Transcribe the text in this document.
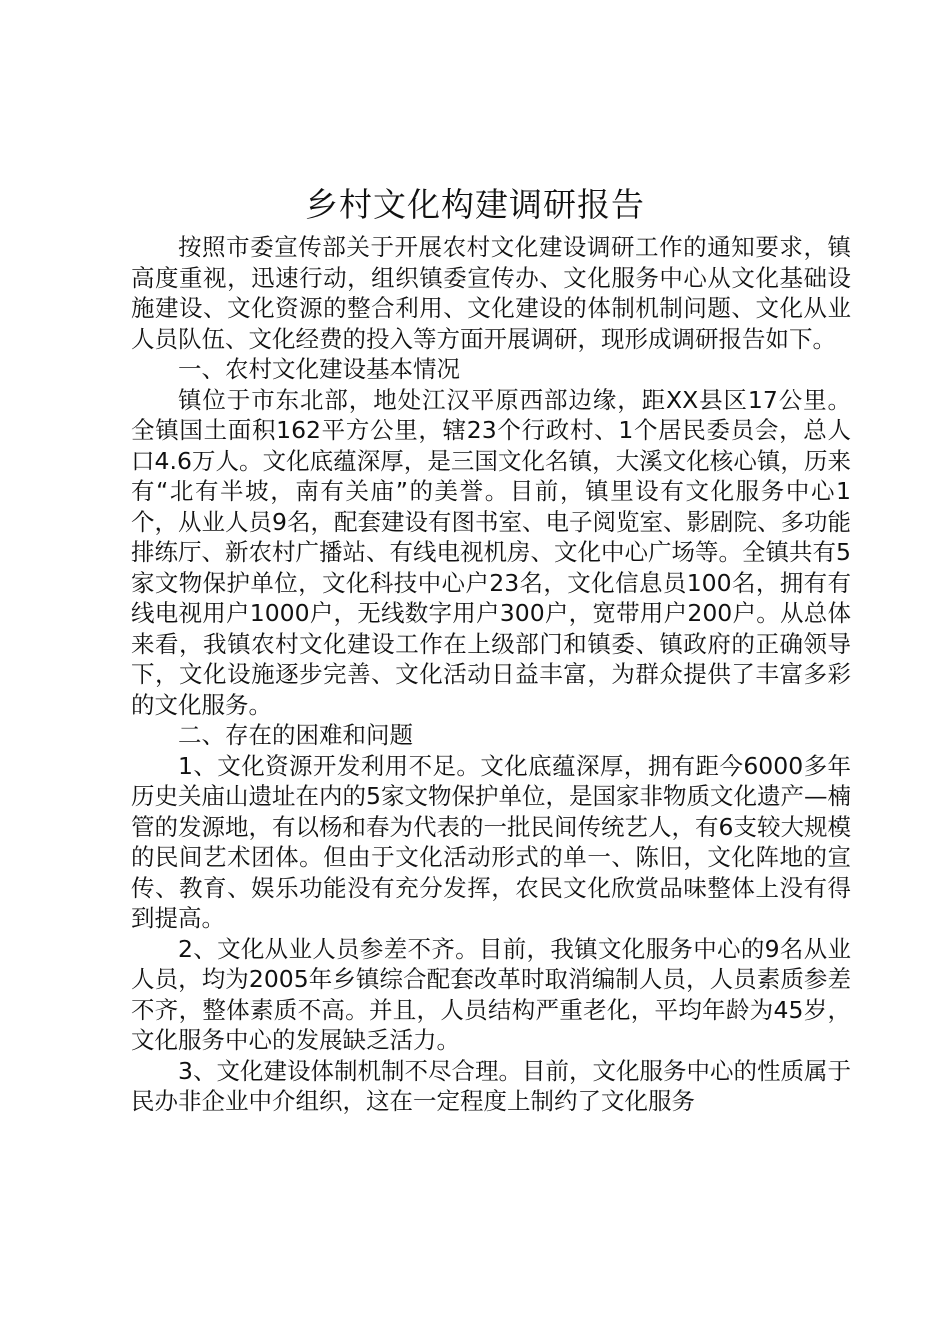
乡村文化构建调研报告

按照市委宣传部关于开展农村文化建设调研工作的通知要求，镇高度重视，迅速行动，组织镇委宣传办、文化服务中心从文化基础设施建设、文化资源的整合利用、文化建设的体制机制问题、文化从业人员队伍、文化经费的投入等方面开展调研，现形成调研报告如下。

一、农村文化建设基本情况

镇位于市东北部，地处江汉平原西部边缘，距XX县区17公里。全镇国土面积162平方公里，辖23个行政村、1个居民委员会，总人口4.6万人。文化底蕴深厚，是三国文化名镇，大溪文化核心镇，历来有“北有半坡，南有关庙”的美誉。目前，镇里设有文化服务中心1个，从业人员9名，配套建设有图书室、电子阅览室、影剧院、多功能排练厅、新农村广播站、有线电视机房、文化中心广场等。全镇共有5家文物保护单位，文化科技中心户23名，文化信息员100名，拥有有线电视用户1000户，无线数字用户300户，宽带用户200户。从总体来看，我镇农村文化建设工作在上级部门和镇委、镇政府的正确领导下，文化设施逐步完善、文化活动日益丰富，为群众提供了丰富多彩的文化服务。

二、存在的困难和问题

1、文化资源开发利用不足。文化底蕴深厚，拥有距今6000多年历史关庙山遗址在内的5家文物保护单位，是国家非物质文化遗产—楠管的发源地，有以杨和春为代表的一批民间传统艺人，有6支较大规模的民间艺术团体。但由于文化活动形式的单一、陈旧，文化阵地的宣传、教育、娱乐功能没有充分发挥，农民文化欣赏品味整体上没有得到提高。

2、文化从业人员参差不齐。目前，我镇文化服务中心的9名从业人员，均为2005年乡镇综合配套改革时取消编制人员，人员素质参差不齐，整体素质不高。并且，人员结构严重老化，平均年龄为45岁，文化服务中心的发展缺乏活力。

3、文化建设体制机制不尽合理。目前，文化服务中心的性质属于民办非企业中介组织，这在一定程度上制约了文化服务
